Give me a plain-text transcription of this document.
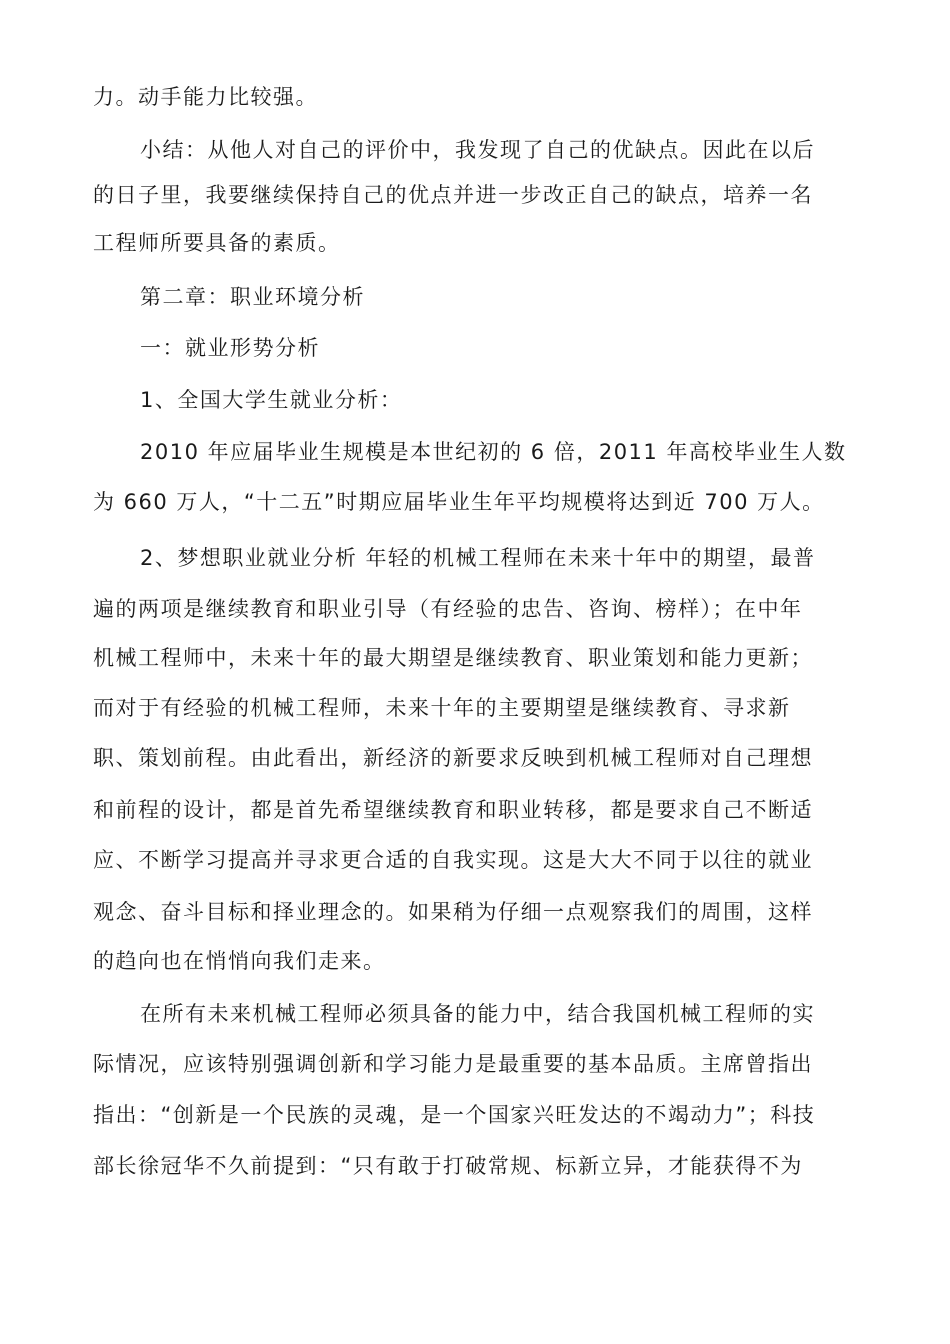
力。动手能力比较强。
小结：从他人对自己的评价中，我发现了自己的优缺点。因此在以后
的日子里，我要继续保持自己的优点并进一步改正自己的缺点，培养一名
工程师所要具备的素质。
第二章：职业环境分析
一：就业形势分析
1、全国大学生就业分析：
2010 年应届毕业生规模是本世纪初的 6 倍，2011 年高校毕业生人数
为 660 万人，“十二五”时期应届毕业生年平均规模将达到近 700 万人。
2、梦想职业就业分析 年轻的机械工程师在未来十年中的期望，最普
遍的两项是继续教育和职业引导（有经验的忠告、咨询、榜样）；在中年
机械工程师中，未来十年的最大期望是继续教育、职业策划和能力更新；
而对于有经验的机械工程师，未来十年的主要期望是继续教育、寻求新
职、策划前程。由此看出，新经济的新要求反映到机械工程师对自己理想
和前程的设计，都是首先希望继续教育和职业转移，都是要求自己不断适
应、不断学习提高并寻求更合适的自我实现。这是大大不同于以往的就业
观念、奋斗目标和择业理念的。如果稍为仔细一点观察我们的周围，这样
的趋向也在悄悄向我们走来。
在所有未来机械工程师必须具备的能力中，结合我国机械工程师的实
际情况，应该特别强调创新和学习能力是最重要的基本品质。主席曾指出
指出：“创新是一个民族的灵魂，是一个国家兴旺发达的不竭动力”；科技
部长徐冠华不久前提到：“只有敢于打破常规、标新立异，才能获得不为
